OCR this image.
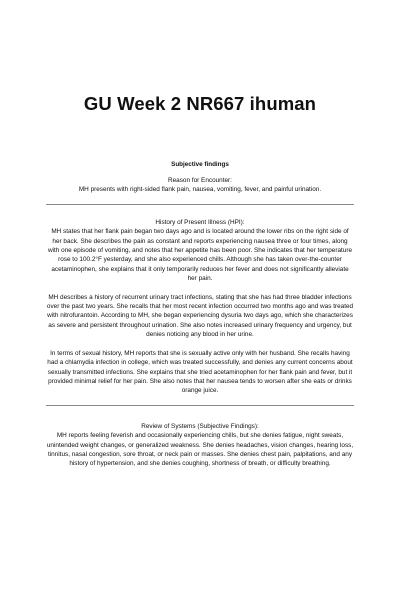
GU Week 2 NR667 ihuman
Subjective findings

Reason for Encounter:

MH presents with right-sided flank pain, nausea, vomiting, fever, and painful urination.

History of Present Illness (HPI):

MH states that her flank pain began two days ago and is located around the lower ribs on the right side of her back. She describes the pain as constant and reports experiencing nausea three or four times, along with one episode of vomiting, and notes that her appetite has been poor. She indicates that her temperature rose to 100.2°F yesterday, and she also experienced chills. Although she has taken over-the-counter acetaminophen, she explains that it only temporarily reduces her fever and does not significantly alleviate her pain.

MH describes a history of recurrent urinary tract infections, stating that she has had three bladder infections over the past two years. She recalls that her most recent infection occurred two months ago and was treated with nitrofurantoin. According to MH, she began experiencing dysuria two days ago, which she characterizes as severe and persistent throughout urination. She also notes increased urinary frequency and urgency, but denies noticing any blood in her urine.

In terms of sexual history, MH reports that she is sexually active only with her husband. She recalls having had a chlamydia infection in college, which was treated successfully, and denies any current concerns about sexually transmitted infections. She explains that she tried acetaminophen for her flank pain and fever, but it provided minimal relief for her pain. She also notes that her nausea tends to worsen after she eats or drinks orange juice.

Review of Systems (Subjective Findings):

MH reports feeling feverish and occasionally experiencing chills, but she denies fatigue, night sweats, unintended weight changes, or generalized weakness. She denies headaches, vision changes, hearing loss, tinnitus, nasal congestion, sore throat, or neck pain or masses. She denies chest pain, palpitations, and any history of hypertension, and she denies coughing, shortness of breath, or difficulty breathing.
